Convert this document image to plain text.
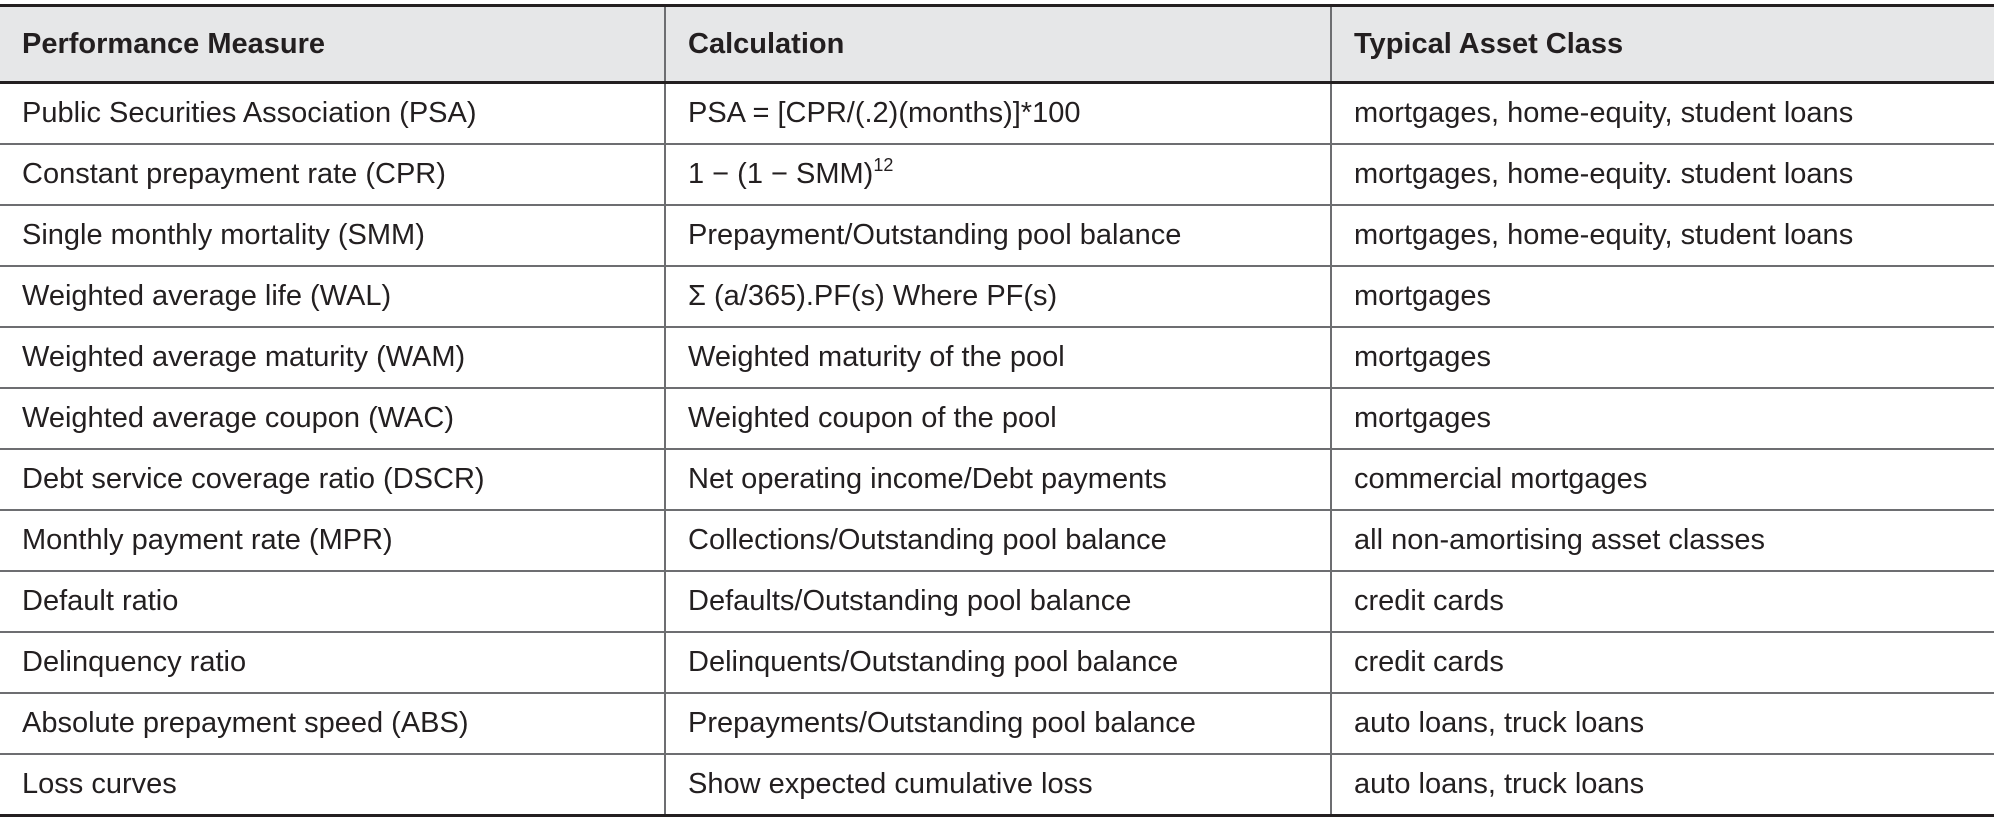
Performance Measure	Calculation	Typical Asset Class
Public Securities Association (PSA)	PSA = [CPR/(.2)(months)]*100	mortgages, home-equity, student loans
Constant prepayment rate (CPR)	1 − (1 − SMM)$^{12}$	mortgages, home-equity. student loans
Single monthly mortality (SMM)	Prepayment/Outstanding pool balance	mortgages, home-equity, student loans
Weighted average life (WAL)	Σ (a/365).PF(s) Where PF(s)	mortgages
Weighted average maturity (WAM)	Weighted maturity of the pool	mortgages
Weighted average coupon (WAC)	Weighted coupon of the pool	mortgages
Debt service coverage ratio (DSCR)	Net operating income/Debt payments	commercial mortgages
Monthly payment rate (MPR)	Collections/Outstanding pool balance	all non-amortising asset classes
Default ratio	Defaults/Outstanding pool balance	credit cards
Delinquency ratio	Delinquents/Outstanding pool balance	credit cards
Absolute prepayment speed (ABS)	Prepayments/Outstanding pool balance	auto loans, truck loans
Loss curves	Show expected cumulative loss	auto loans, truck loans
